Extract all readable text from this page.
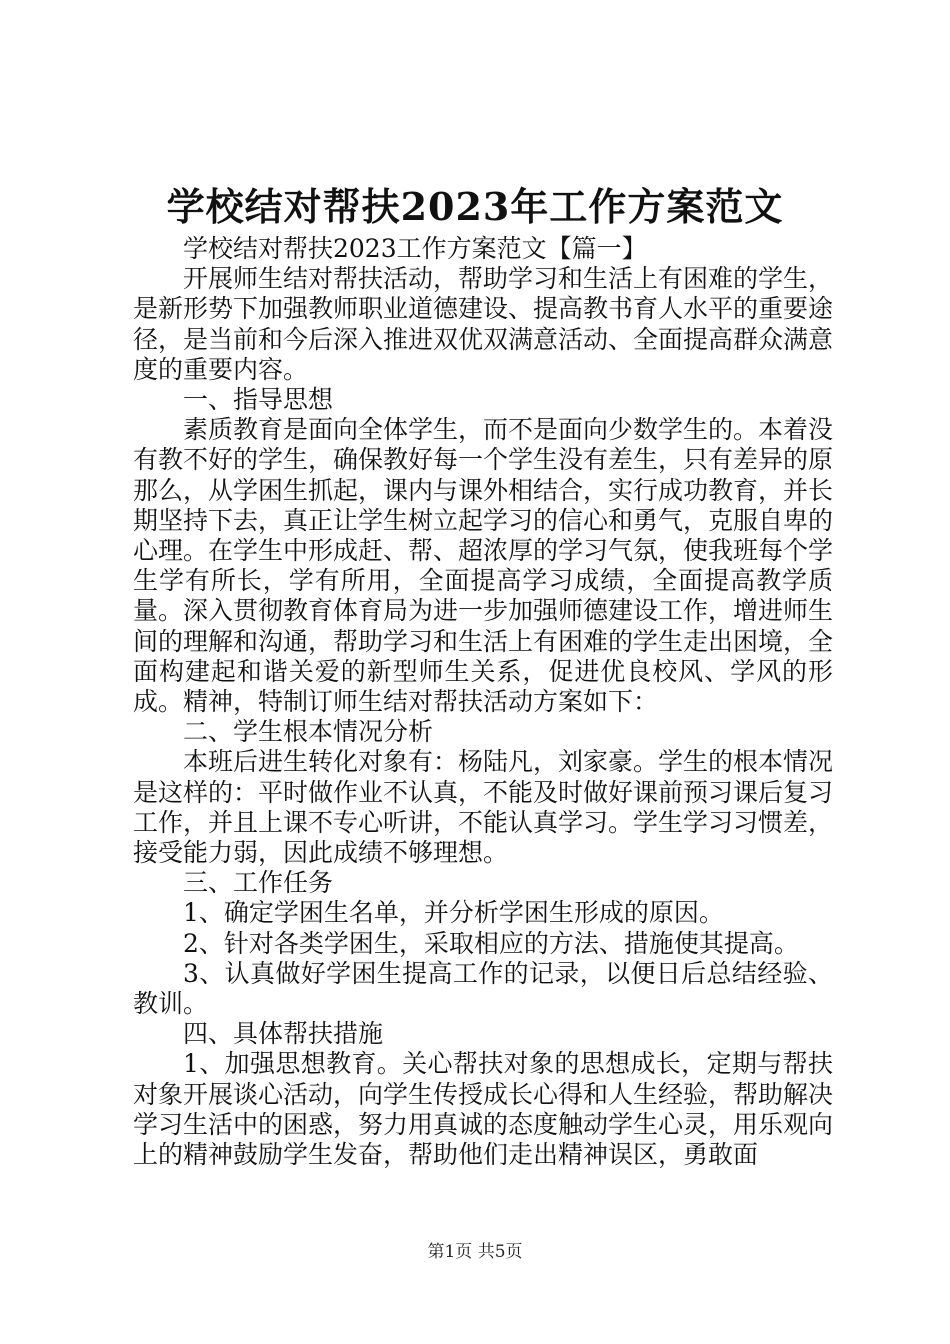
学校结对帮扶2023年工作方案范文

学校结对帮扶2023工作方案范文【篇一】

开展师生结对帮扶活动，帮助学习和生活上有困难的学生，是新形势下加强教师职业道德建设、提高教书育人水平的重要途径，是当前和今后深入推进双优双满意活动、全面提高群众满意度的重要内容。

一、指导思想

素质教育是面向全体学生，而不是面向少数学生的。本着没有教不好的学生，确保教好每一个学生没有差生，只有差异的原那么，从学困生抓起，课内与课外相结合，实行成功教育，并长期坚持下去，真正让学生树立起学习的信心和勇气，克服自卑的心理。在学生中形成赶、帮、超浓厚的学习气氛，使我班每个学生学有所长，学有所用，全面提高学习成绩，全面提高教学质量。深入贯彻教育体育局为进一步加强师德建设工作，增进师生间的理解和沟通，帮助学习和生活上有困难的学生走出困境，全面构建起和谐关爱的新型师生关系，促进优良校风、学风的形成。精神，特制订师生结对帮扶活动方案如下：

二、学生根本情况分析

本班后进生转化对象有：杨陆凡，刘家豪。学生的根本情况是这样的：平时做作业不认真，不能及时做好课前预习课后复习工作，并且上课不专心听讲，不能认真学习。学生学习习惯差，接受能力弱，因此成绩不够理想。

三、工作任务

1、确定学困生名单，并分析学困生形成的原因。

2、针对各类学困生，采取相应的方法、措施使其提高。

3、认真做好学困生提高工作的记录，以便日后总结经验、教训。

四、具体帮扶措施

1、加强思想教育。关心帮扶对象的思想成长，定期与帮扶对象开展谈心活动，向学生传授成长心得和人生经验，帮助解决学习生活中的困惑，努力用真诚的态度触动学生心灵，用乐观向上的精神鼓励学生发奋，帮助他们走出精神误区，勇敢面

第1页 共5页
